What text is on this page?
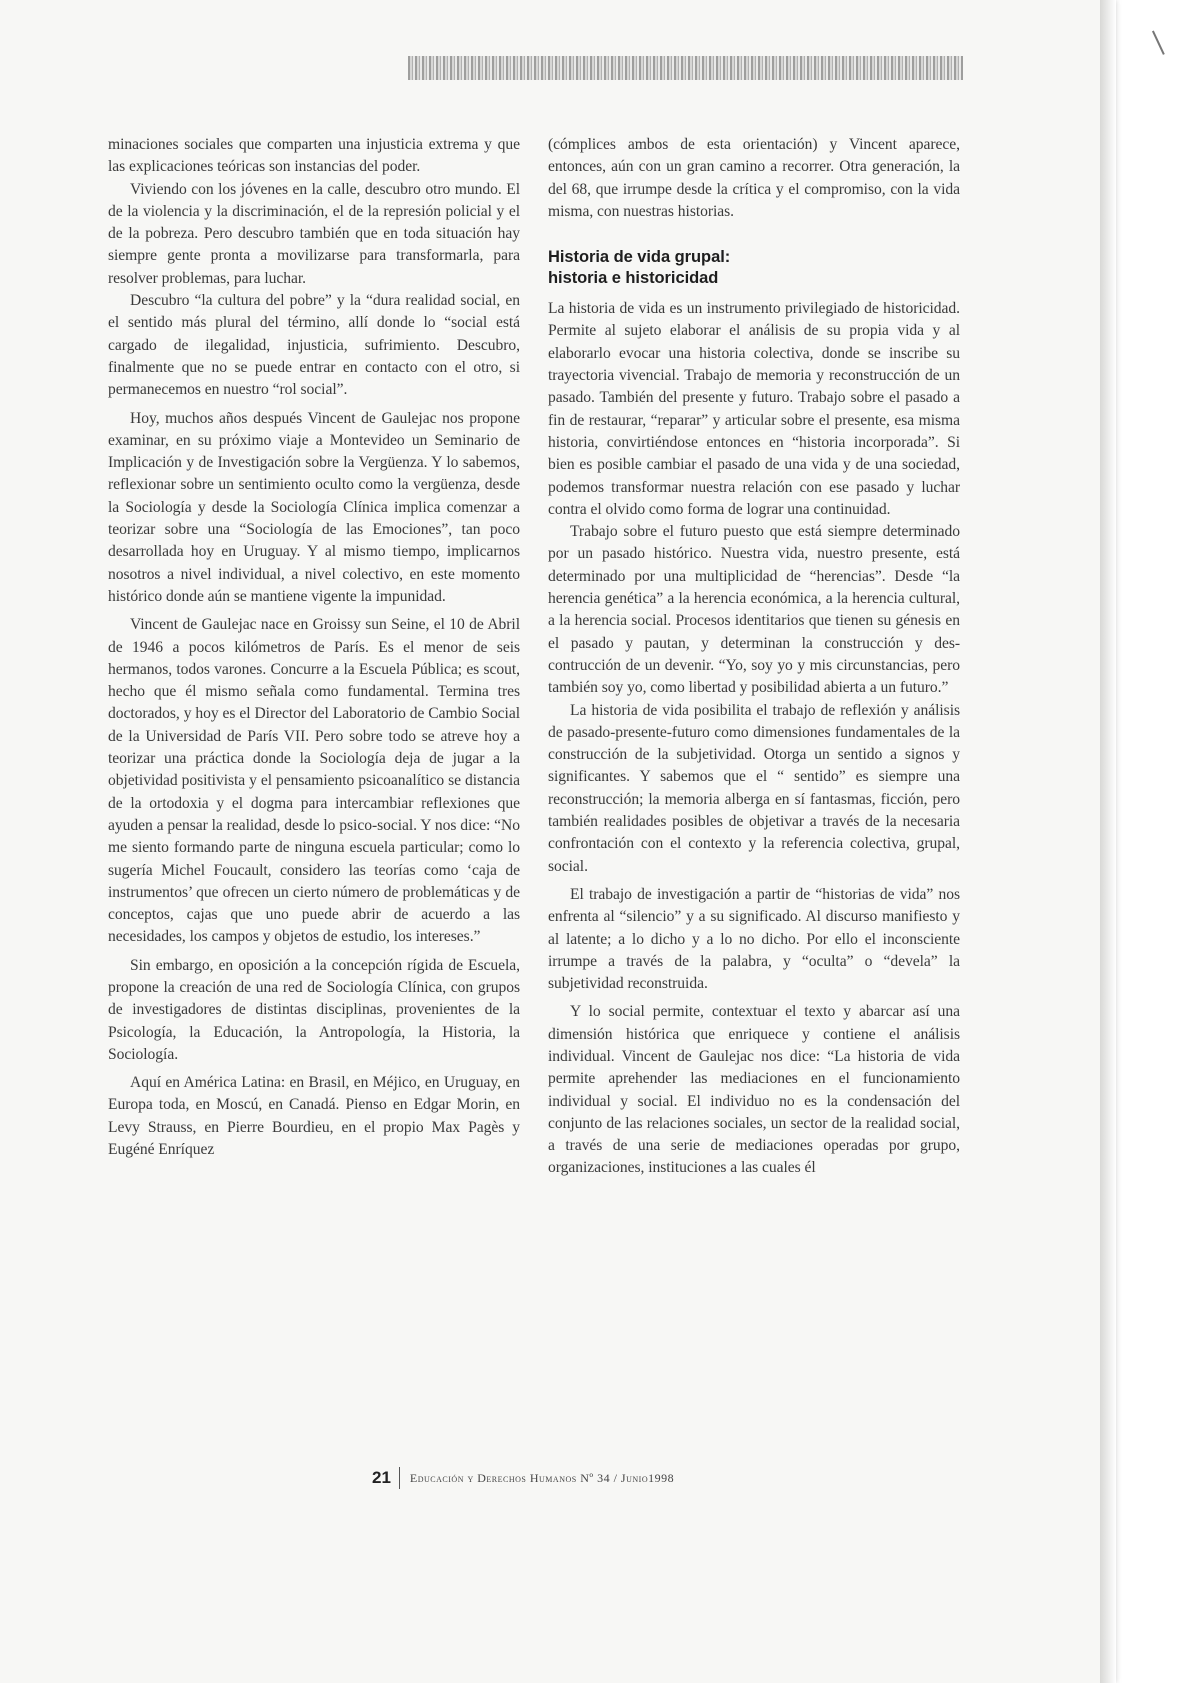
minaciones sociales que comparten una injusticia extrema y que las explicaciones teóricas son instancias del poder.

Viviendo con los jóvenes en la calle, descubro otro mundo. El de la violencia y la discriminación, el de la represión policial y el de la pobreza. Pero descubro también que en toda situación hay siempre gente pronta a movilizarse para transformarla, para resolver problemas, para luchar.

Descubro “la cultura del pobre” y la “dura realidad social, en el sentido más plural del término, allí donde lo “social está cargado de ilegalidad, injusticia, sufrimiento. Descubro, finalmente que no se puede entrar en contacto con el otro, si permanecemos en nuestro “rol social”.

Hoy, muchos años después Vincent de Gaulejac nos propone examinar, en su próximo viaje a Montevideo un Seminario de Implicación y de Investigación sobre la Vergüenza. Y lo sabemos, reflexionar sobre un sentimiento oculto como la vergüenza, desde la Sociología y desde la Sociología Clínica implica comenzar a teorizar sobre una “Sociología de las Emociones”, tan poco desarrollada hoy en Uruguay. Y al mismo tiempo, implicarnos nosotros a nivel individual, a nivel colectivo, en este momento histórico donde aún se mantiene vigente la impunidad.

Vincent de Gaulejac nace en Groissy sun Seine, el 10 de Abril de 1946 a pocos kilómetros de París. Es el menor de seis hermanos, todos varones. Concurre a la Escuela Pública; es scout, hecho que él mismo señala como fundamental. Termina tres doctorados, y hoy es el Director del Laboratorio de Cambio Social de la Universidad de París VII. Pero sobre todo se atreve hoy a teorizar una práctica donde la Sociología deja de jugar a la objetividad positivista y el pensamiento psicoanalítico se distancia de la ortodoxia y el dogma para intercambiar reflexiones que ayuden a pensar la realidad, desde lo psico-social. Y nos dice: “No me siento formando parte de ninguna escuela particular; como lo sugería Michel Foucault, considero las teorías como ‘caja de instrumentos’ que ofrecen un cierto número de problemáticas y de conceptos, cajas que uno puede abrir de acuerdo a las necesidades, los campos y objetos de estudio, los intereses.”

Sin embargo, en oposición a la concepción rígida de Escuela, propone la creación de una red de Sociología Clínica, con grupos de investigadores de distintas disciplinas, provenientes de la Psicología, la Educación, la Antropología, la Historia, la Sociología.

Aquí en América Latina: en Brasil, en Méjico, en Uruguay, en Europa toda, en Moscú, en Canadá. Pienso en Edgar Morin, en Levy Strauss, en Pierre Bourdieu, en el propio Max Pagès y Eugéné Enríquez

(cómplices ambos de esta orientación) y Vincent aparece, entonces, aún con un gran camino a recorrer. Otra generación, la del 68, que irrumpe desde la crítica y el compromiso, con la vida misma, con nuestras historias.

Historia de vida grupal:
historia e historicidad

La historia de vida es un instrumento privilegiado de historicidad. Permite al sujeto elaborar el análisis de su propia vida y al elaborarlo evocar una historia colectiva, donde se inscribe su trayectoria vivencial. Trabajo de memoria y reconstrucción de un pasado. También del presente y futuro. Trabajo sobre el pasado a fin de restaurar, “reparar” y articular sobre el presente, esa misma historia, convirtiéndose entonces en “historia incorporada”. Si bien es posible cambiar el pasado de una vida y de una sociedad, podemos transformar nuestra relación con ese pasado y luchar contra el olvido como forma de lograr una continuidad.

Trabajo sobre el futuro puesto que está siempre determinado por un pasado histórico. Nuestra vida, nuestro presente, está determinado por una multiplicidad de “herencias”. Desde “la herencia genética” a la herencia económica, a la herencia cultural, a la herencia social. Procesos identitarios que tienen su génesis en el pasado y pautan, y determinan la construcción y des-contrucción de un devenir. “Yo, soy yo y mis circunstancias, pero también soy yo, como libertad y posibilidad abierta a un futuro.”

La historia de vida posibilita el trabajo de reflexión y análisis de pasado-presente-futuro como dimensiones fundamentales de la construcción de la subjetividad. Otorga un sentido a signos y significantes. Y sabemos que el “ sentido” es siempre una reconstrucción; la memoria alberga en sí fantasmas, ficción, pero también realidades posibles de objetivar a través de la necesaria confrontación con el contexto y la referencia colectiva, grupal, social.

El trabajo de investigación a partir de “historias de vida” nos enfrenta al “silencio” y a su significado. Al discurso manifiesto y al latente; a lo dicho y a lo no dicho. Por ello el inconsciente irrumpe a través de la palabra, y “oculta” o “devela” la subjetividad reconstruida.

Y lo social permite, contextuar el texto y abarcar así una dimensión histórica que enriquece y contiene el análisis individual. Vincent de Gaulejac nos dice: “La historia de vida permite aprehender las mediaciones en el funcionamiento individual y social. El individuo no es la condensación del conjunto de las relaciones sociales, un sector de la realidad social, a través de una serie de mediaciones operadas por grupo, organizaciones, instituciones a las cuales él

21 Educación y Derechos Humanos Nº 34 / Junio1998
